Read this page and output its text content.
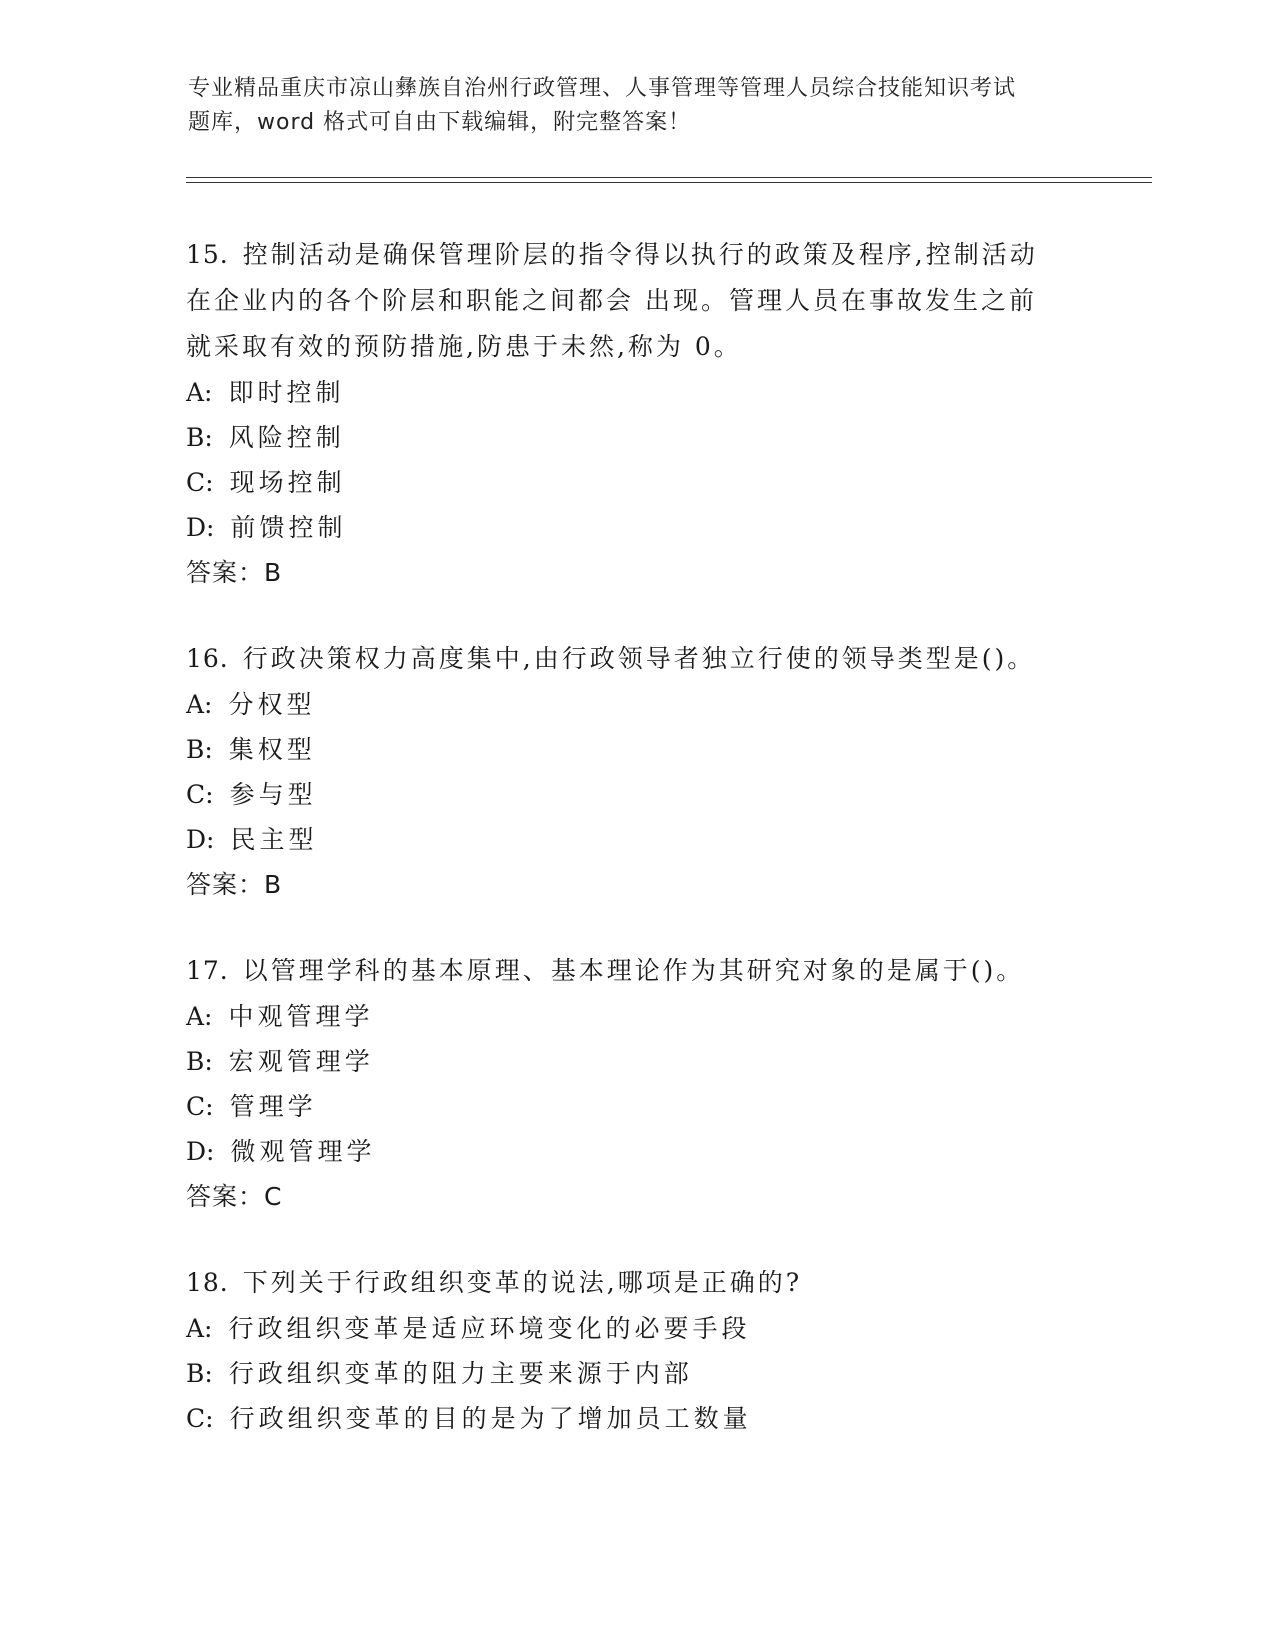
专业精品重庆市凉山彝族自治州行政管理、人事管理等管理人员综合技能知识考试
题库，word 格式可自由下载编辑，附完整答案！

15. 控制活动是确保管理阶层的指令得以执行的政策及程序,控制活动

在企业内的各个阶层和职能之间都会 出现。管理人员在事故发生之前

就采取有效的预防措施,防患于未然,称为 0。

A: 即时控制

B: 风险控制

C: 现场控制

D: 前馈控制

答案：B

16. 行政决策权力高度集中,由行政领导者独立行使的领导类型是()。

A: 分权型

B: 集权型

C: 参与型

D: 民主型

答案：B

17. 以管理学科的基本原理、基本理论作为其研究对象的是属于()。

A: 中观管理学

B: 宏观管理学

C: 管理学

D: 微观管理学

答案：C

18. 下列关于行政组织变革的说法,哪项是正确的?

A: 行政组织变革是适应环境变化的必要手段

B: 行政组织变革的阻力主要来源于内部

C: 行政组织变革的目的是为了增加员工数量
